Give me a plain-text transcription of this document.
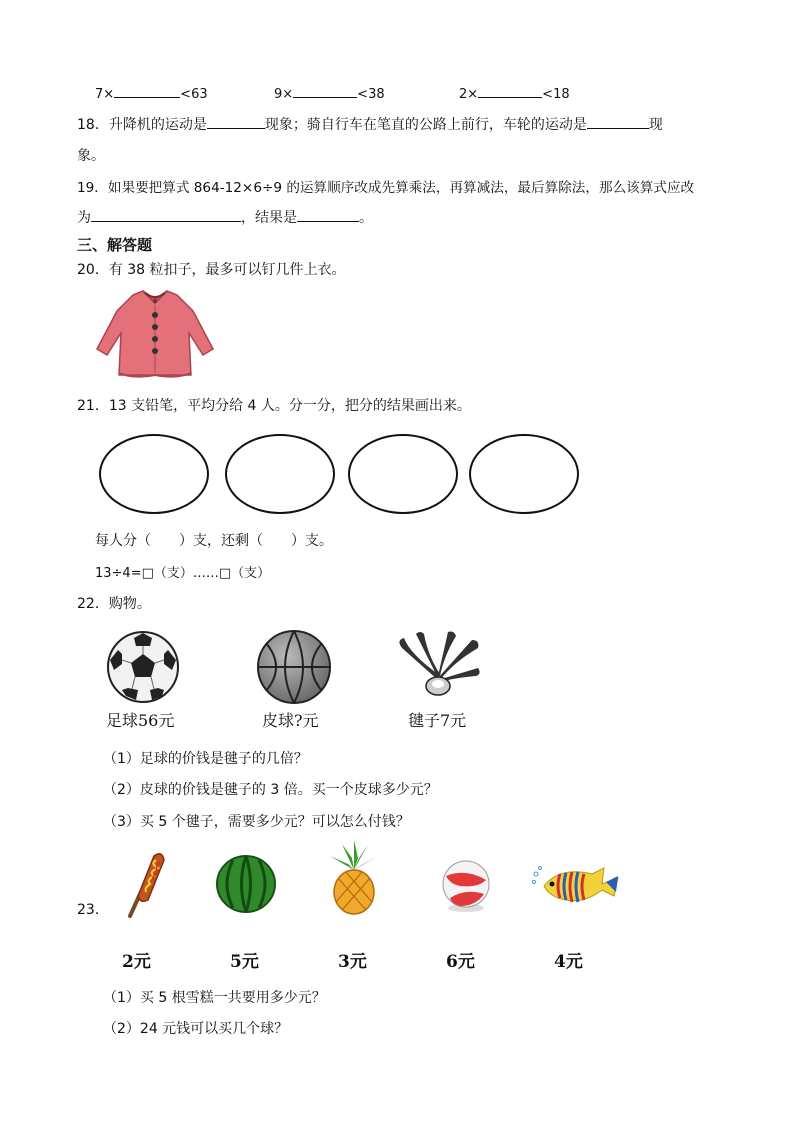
7×	<63	9×	<38	2×	<18
18．升降机的运动是	现象；骑自行车在笔直的公路上前行，车轮的运动是	现
象。
19．如果要把算式 864-12×6÷9 的运算顺序改成先算乘法，再算减法，最后算除法，那么该算式应改
为	，结果是	。
三、解答题
20．有 38 粒扣子，最多可以钉几件上衣。
21．13 支铅笔，平均分给 4 人。分一分，把分的结果画出来。
每人分（　　）支，还剩（　　）支。
13÷4=□（支）……□（支）
22．购物。
足球56元	皮球?元	毽子7元
（1）足球的价钱是毽子的几倍？
（2）皮球的价钱是毽子的 3 倍。买一个皮球多少元？
（3）买 5 个毽子，需要多少元？可以怎么付钱？
23．
2元	5元	3元	6元	4元
（1）买 5 根雪糕一共要用多少元？
（2）24 元钱可以买几个球？
